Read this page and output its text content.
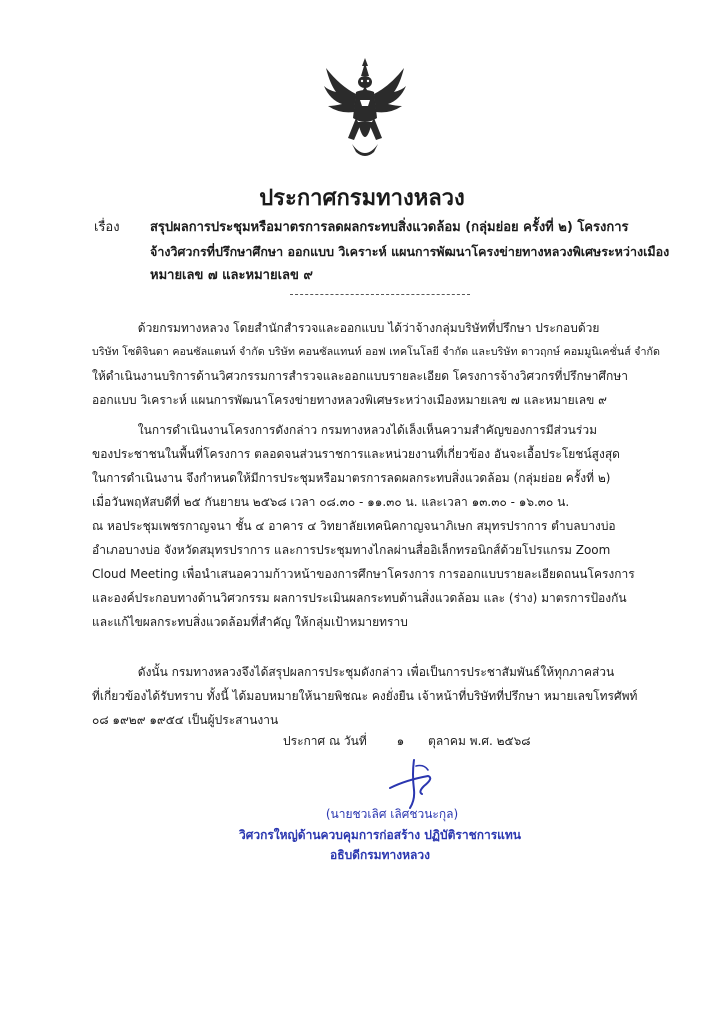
ประกาศกรมทางหลวง
เรื่อง สรุปผลการประชุมหรือมาตรการลดผลกระทบสิ่งแวดล้อม (กลุ่มย่อย ครั้งที่ ๒) โครงการ
จ้างวิศวกรที่ปรึกษาศึกษา ออกแบบ วิเคราะห์ แผนการพัฒนาโครงข่ายทางหลวงพิเศษระหว่างเมือง
หมายเลข ๗ และหมายเลข ๙
ด้วยกรมทางหลวง โดยสำนักสำรวจและออกแบบ ได้ว่าจ้างกลุ่มบริษัทที่ปรึกษา ประกอบด้วย
บริษัท โซติจินดา คอนซัลแตนท์ จำกัด บริษัท คอนซัลแทนท์ ออฟ เทคโนโลยี จำกัด และบริษัท ดาวฤกษ์ คอมมูนิเคชั่นส์ จำกัด
ให้ดำเนินงานบริการด้านวิศวกรรมการสำรวจและออกแบบรายละเอียด โครงการจ้างวิศวกรที่ปรึกษาศึกษา
ออกแบบ วิเคราะห์ แผนการพัฒนาโครงข่ายทางหลวงพิเศษระหว่างเมืองหมายเลข ๗ และหมายเลข ๙
ในการดำเนินงานโครงการดังกล่าว กรมทางหลวงได้เล็งเห็นความสำคัญของการมีส่วนร่วม
ของประชาชนในพื้นที่โครงการ ตลอดจนส่วนราชการและหน่วยงานที่เกี่ยวข้อง อันจะเอื้อประโยชน์สูงสุด
ในการดำเนินงาน จึงกำหนดให้มีการประชุมหรือมาตรการลดผลกระทบสิ่งแวดล้อม (กลุ่มย่อย ครั้งที่ ๒)
เมื่อวันพฤหัสบดีที่ ๒๕ กันยายน ๒๕๖๘ เวลา ๐๘.๓๐ - ๑๑.๓๐ น. และเวลา ๑๓.๓๐ - ๑๖.๓๐ น.
ณ หอประชุมเพชรกาญจนา ชั้น ๔ อาคาร ๔ วิทยาลัยเทคนิคกาญจนาภิเษก สมุทรปราการ ตำบลบางบ่อ
อำเภอบางบ่อ จังหวัดสมุทรปราการ และการประชุมทางไกลผ่านสื่ออิเล็กทรอนิกส์ด้วยโปรแกรม Zoom
Cloud Meeting เพื่อนำเสนอความก้าวหน้าของการศึกษาโครงการ การออกแบบรายละเอียดถนนโครงการ
และองค์ประกอบทางด้านวิศวกรรม ผลการประเมินผลกระทบด้านสิ่งแวดล้อม และ (ร่าง) มาตรการป้องกัน
และแก้ไขผลกระทบสิ่งแวดล้อมที่สำคัญ ให้กลุ่มเป้าหมายทราบ
ดังนั้น กรมทางหลวงจึงได้สรุปผลการประชุมดังกล่าว เพื่อเป็นการประชาสัมพันธ์ให้ทุกภาคส่วน
ที่เกี่ยวข้องได้รับทราบ ทั้งนี้ ได้มอบหมายให้นายพิชณะ คงยั่งยืน เจ้าหน้าที่บริษัทที่ปรึกษา หมายเลขโทรศัพท์
๐๘ ๑๙๒๙ ๑๙๕๔ เป็นผู้ประสานงาน
ประกาศ ณ วันที่ ๑ ตุลาคม พ.ศ. ๒๕๖๘
(นายชวเลิศ เลิศชวนะกุล)
วิศวกรใหญ่ด้านควบคุมการก่อสร้าง ปฏิบัติราชการแทน
อธิบดีกรมทางหลวง
